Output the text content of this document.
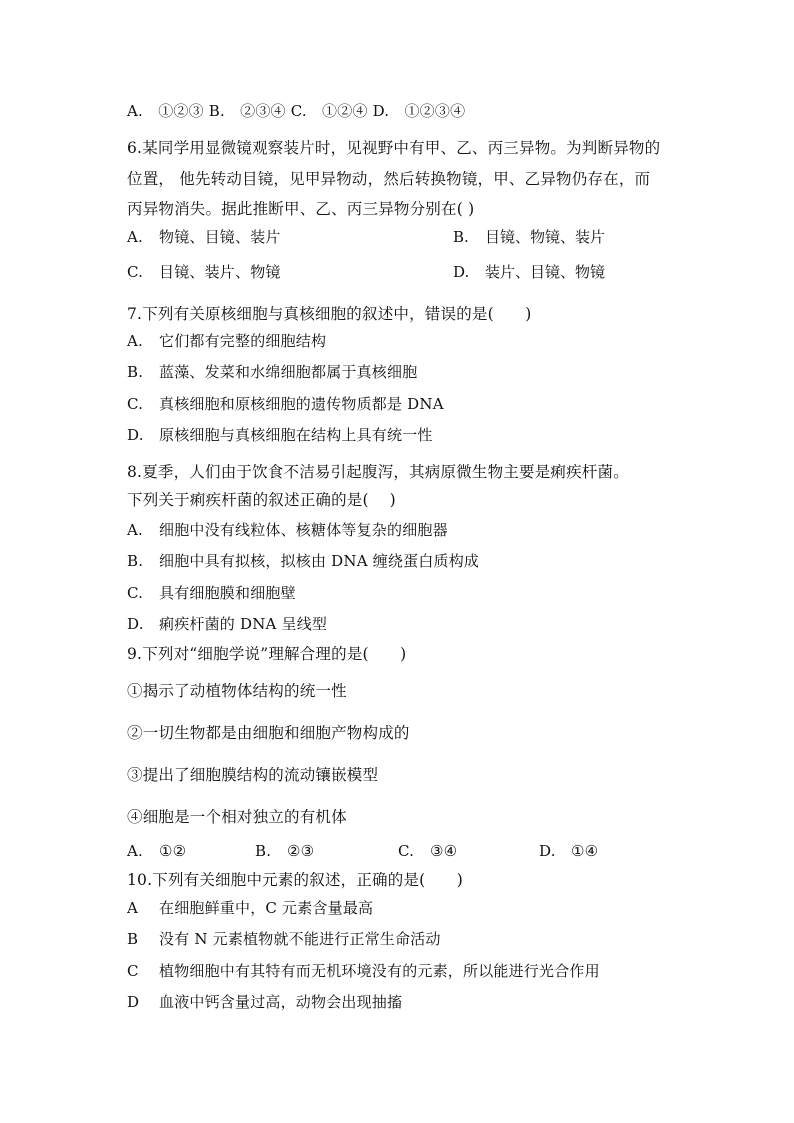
A.　①②③ B.　②③④ C.　①②④ D.　①②③④
6.某同学用显微镜观察装片时，见视野中有甲、乙、丙三异物。为判断异物的
位置， 他先转动目镜，见甲异物动，然后转换物镜，甲、乙异物仍存在，而
丙异物消失。据此推断甲、乙、丙三异物分别在( )
A. 物镜、目镜、装片	B. 目镜、物镜、装片
C. 目镜、装片、物镜	D. 装片、目镜、物镜
7.下列有关原核细胞与真核细胞的叙述中，错误的是(　　)
A. 它们都有完整的细胞结构
B. 蓝藻、发菜和水绵细胞都属于真核细胞
C. 真核细胞和原核细胞的遗传物质都是 DNA
D. 原核细胞与真核细胞在结构上具有统一性
8.夏季，人们由于饮食不洁易引起腹泻，其病原微生物主要是痢疾杆菌。
下列关于痢疾杆菌的叙述正确的是(　 )
A. 细胞中没有线粒体、核糖体等复杂的细胞器
B. 细胞中具有拟核，拟核由 DNA 缠绕蛋白质构成
C. 具有细胞膜和细胞壁
D. 痢疾杆菌的 DNA 呈线型
9.下列对“细胞学说”理解合理的是(　　)
①揭示了动植物体结构的统一性
②一切生物都是由细胞和细胞产物构成的
③提出了细胞膜结构的流动镶嵌模型
④细胞是一个相对独立的有机体
A. ①②	B. ②③	C. ③④	D. ①④
10.下列有关细胞中元素的叙述，正确的是(　　)
A 在细胞鲜重中，C 元素含量最高
B 没有 N 元素植物就不能进行正常生命活动
C 植物细胞中有其特有而无机环境没有的元素，所以能进行光合作用
D 血液中钙含量过高，动物会出现抽搐
